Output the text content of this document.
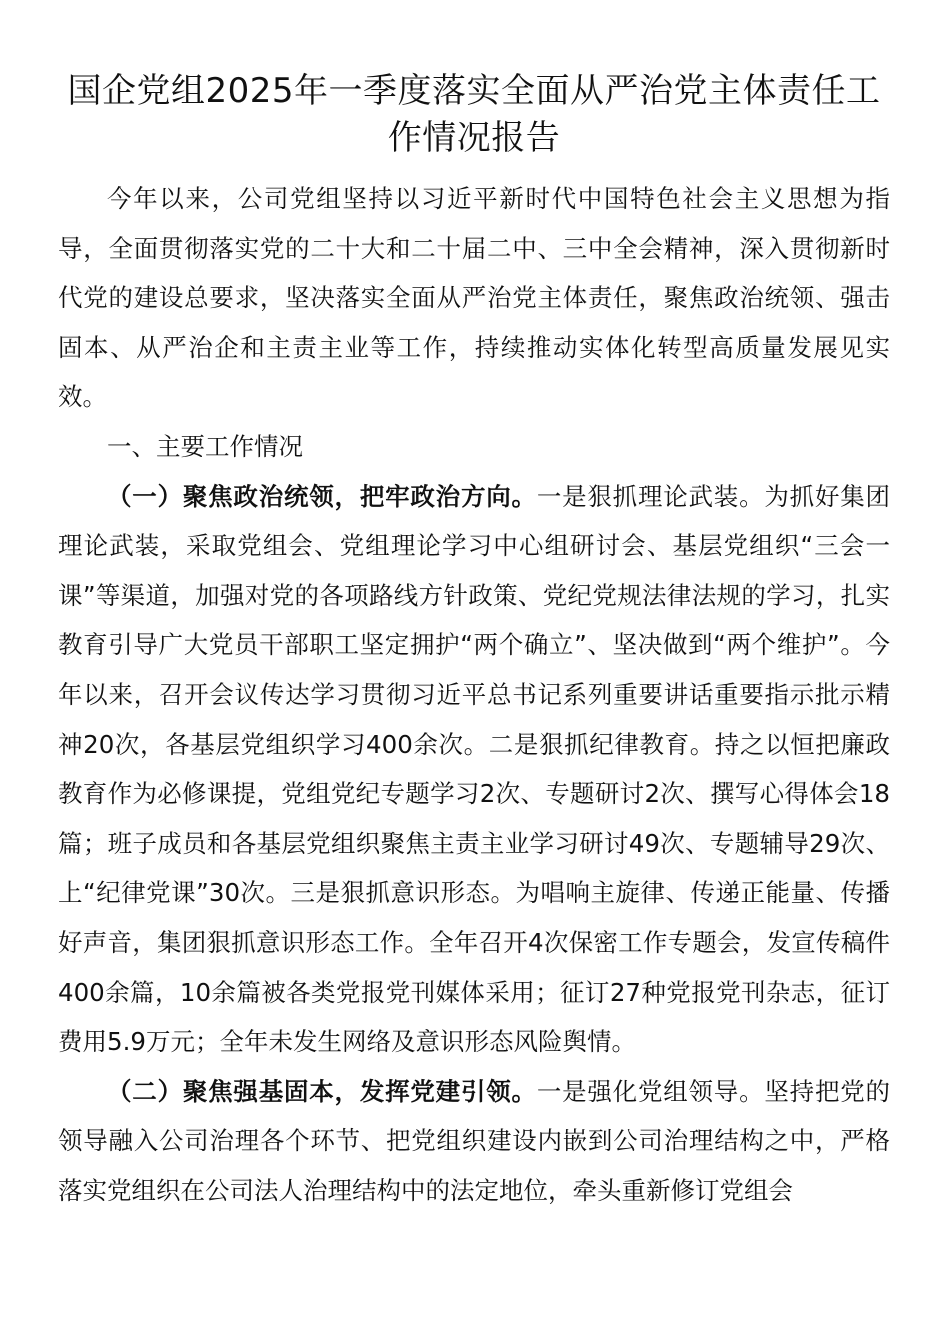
国企党组2025年一季度落实全面从严治党主体责任工作情况报告

今年以来，公司党组坚持以习近平新时代中国特色社会主义思想为指导，全面贯彻落实党的二十大和二十届二中、三中全会精神，深入贯彻新时代党的建设总要求，坚决落实全面从严治党主体责任，聚焦政治统领、强击固本、从严治企和主责主业等工作，持续推动实体化转型高质量发展见实效。

一、主要工作情况

（一）聚焦政治统领，把牢政治方向。一是狠抓理论武装。为抓好集团理论武装，采取党组会、党组理论学习中心组研讨会、基层党组织“三会一课”等渠道，加强对党的各项路线方针政策、党纪党规法律法规的学习，扎实教育引导广大党员干部职工坚定拥护“两个确立”、坚决做到“两个维护”。今年以来，召开会议传达学习贯彻习近平总书记系列重要讲话重要指示批示精神20次，各基层党组织学习400余次。二是狠抓纪律教育。持之以恒把廉政教育作为必修课提，党组党纪专题学习2次、专题研讨2次、撰写心得体会18篇；班子成员和各基层党组织聚焦主责主业学习研讨49次、专题辅导29次、上“纪律党课”30次。三是狠抓意识形态。为唱响主旋律、传递正能量、传播好声音，集团狠抓意识形态工作。全年召开4次保密工作专题会，发宣传稿件400余篇，10余篇被各类党报党刊媒体采用；征订27种党报党刊杂志，征订费用5.9万元；全年未发生网络及意识形态风险舆情。

（二）聚焦强基固本，发挥党建引领。一是强化党组领导。坚持把党的领导融入公司治理各个环节、把党组织建设内嵌到公司治理结构之中，严格落实党组织在公司法人治理结构中的法定地位，牵头重新修订党组会
